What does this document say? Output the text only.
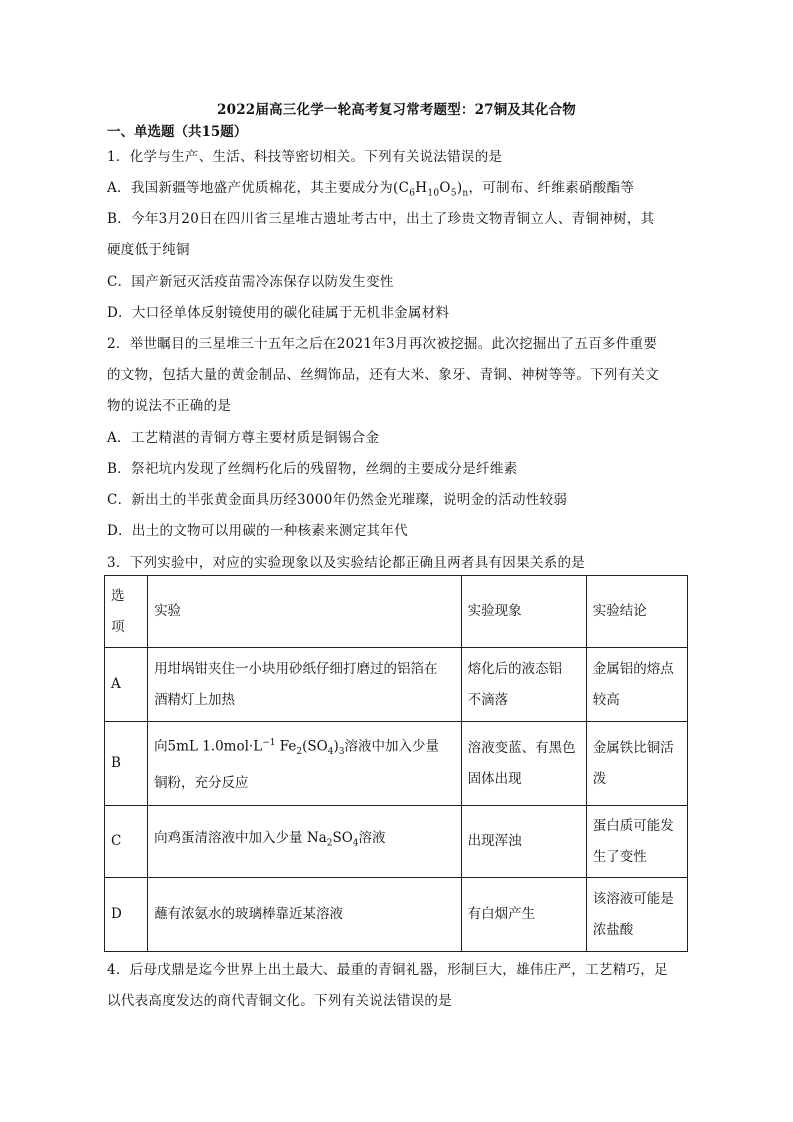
2022届高三化学一轮高考复习常考题型：27铜及其化合物
一、单选题（共15题）
1．化学与生产、生活、科技等密切相关。下列有关说法错误的是
A．我国新疆等地盛产优质棉花，其主要成分为$(C_6H_{10}O_5)_n$，可制布、纤维素硝酸酯等
B．今年3月20日在四川省三星堆古遗址考古中，出土了珍贵文物青铜立人、青铜神树，其
硬度低于纯铜
C．国产新冠灭活疫苗需冷冻保存以防发生变性
D．大口径单体反射镜使用的碳化硅属于无机非金属材料
2．举世瞩目的三星堆三十五年之后在2021年3月再次被挖掘。此次挖掘出了五百多件重要
的文物，包括大量的黄金制品、丝绸饰品，还有大米、象牙、青铜、神树等等。下列有关文
物的说法不正确的是
A．工艺精湛的青铜方尊主要材质是铜锡合金
B．祭祀坑内发现了丝绸朽化后的残留物，丝绸的主要成分是纤维素
C．新出土的半张黄金面具历经3000年仍然金光璀璨，说明金的活动性较弱
D．出土的文物可以用碳的一种核素来测定其年代
3．下列实验中，对应的实验现象以及实验结论都正确且两者具有因果关系的是
选
项	实验	实验现象	实验结论
A	用坩埚钳夹住一小块用砂纸仔细打磨过的铝箔在
酒精灯上加热	熔化后的液态铝
不滴落	金属铝的熔点
较高
B	向5mL $1.0mol\cdot L^{-1}$ $Fe_2(SO_4)_3$溶液中加入少量
铜粉，充分反应	溶液变蓝、有黑色
固体出现	金属铁比铜活
泼
C	向鸡蛋清溶液中加入少量 $Na_2SO_4$溶液	出现浑浊	蛋白质可能发
生了变性
D	蘸有浓氨水的玻璃棒靠近某溶液	有白烟产生	该溶液可能是
浓盐酸
4．后母戊鼎是迄今世界上出土最大、最重的青铜礼器，形制巨大，雄伟庄严，工艺精巧，足
以代表高度发达的商代青铜文化。下列有关说法错误的是
